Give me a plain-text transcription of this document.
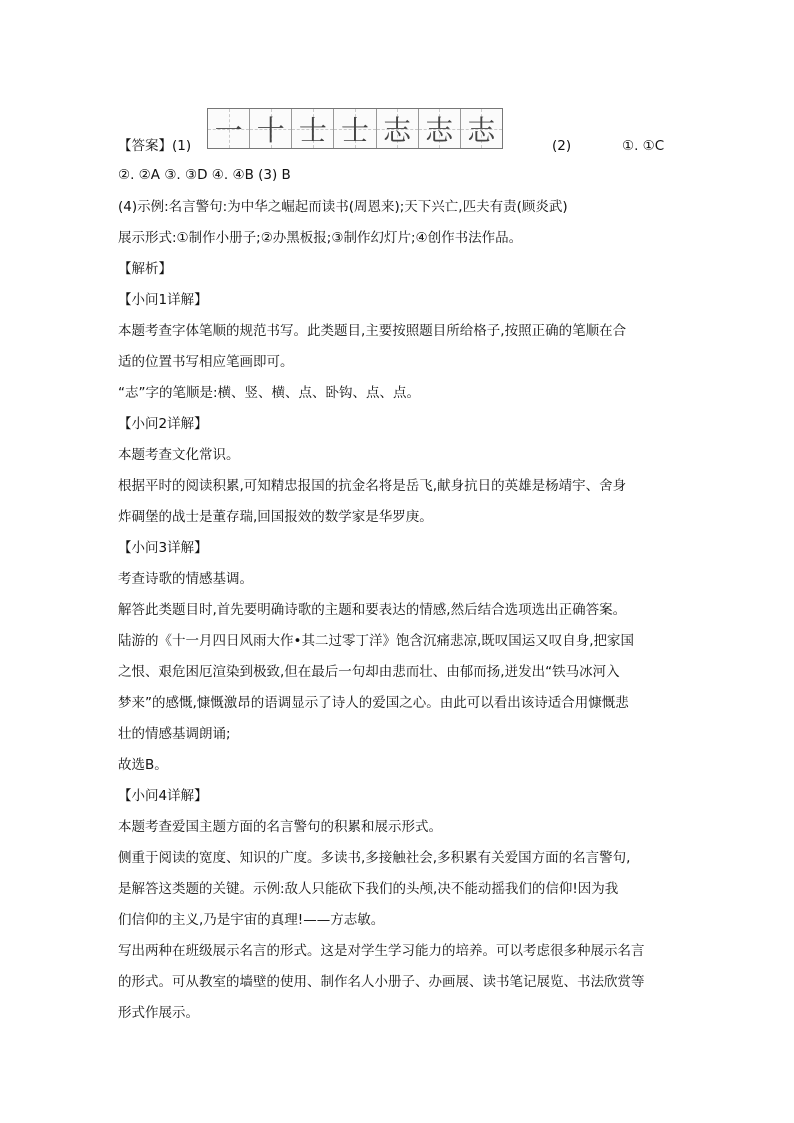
【答案】(1) 一 十 士 士 志 志 志	(2)	①. ①C
②. ②A ③. ③D ④. ④B (3) B
(4)示例:名言警句:为中华之崛起而读书(周恩来);天下兴亡,匹夫有责(顾炎武)
展示形式:①制作小册子;②办黑板报;③制作幻灯片;④创作书法作品。
【解析】
【小问1详解】
本题考查字体笔顺的规范书写。此类题目,主要按照题目所给格子,按照正确的笔顺在合
适的位置书写相应笔画即可。
“志”字的笔顺是:横、竖、横、点、卧钩、点、点。
【小问2详解】
本题考查文化常识。
根据平时的阅读积累,可知精忠报国的抗金名将是岳飞,献身抗日的英雄是杨靖宇、舍身
炸碉堡的战士是董存瑞,回国报效的数学家是华罗庚。
【小问3详解】
考查诗歌的情感基调。
解答此类题目时,首先要明确诗歌的主题和要表达的情感,然后结合选项选出正确答案。
陆游的《十一月四日风雨大作•其二过零丁洋》饱含沉痛悲凉,既叹国运又叹自身,把家国
之恨、艰危困厄渲染到极致,但在最后一句却由悲而壮、由郁而扬,迸发出“铁马冰河入
梦来”的感慨,慷慨激昂的语调显示了诗人的爱国之心。由此可以看出该诗适合用慷慨悲
壮的情感基调朗诵;
故选B。
【小问4详解】
本题考查爱国主题方面的名言警句的积累和展示形式。
侧重于阅读的宽度、知识的广度。多读书,多接触社会,多积累有关爱国方面的名言警句,
是解答这类题的关键。示例:敌人只能砍下我们的头颅,决不能动摇我们的信仰!因为我
们信仰的主义,乃是宇宙的真理!——方志敏。
写出两种在班级展示名言的形式。这是对学生学习能力的培养。可以考虑很多种展示名言
的形式。可从教室的墙壁的使用、制作名人小册子、办画展、读书笔记展览、书法欣赏等
形式作展示。
